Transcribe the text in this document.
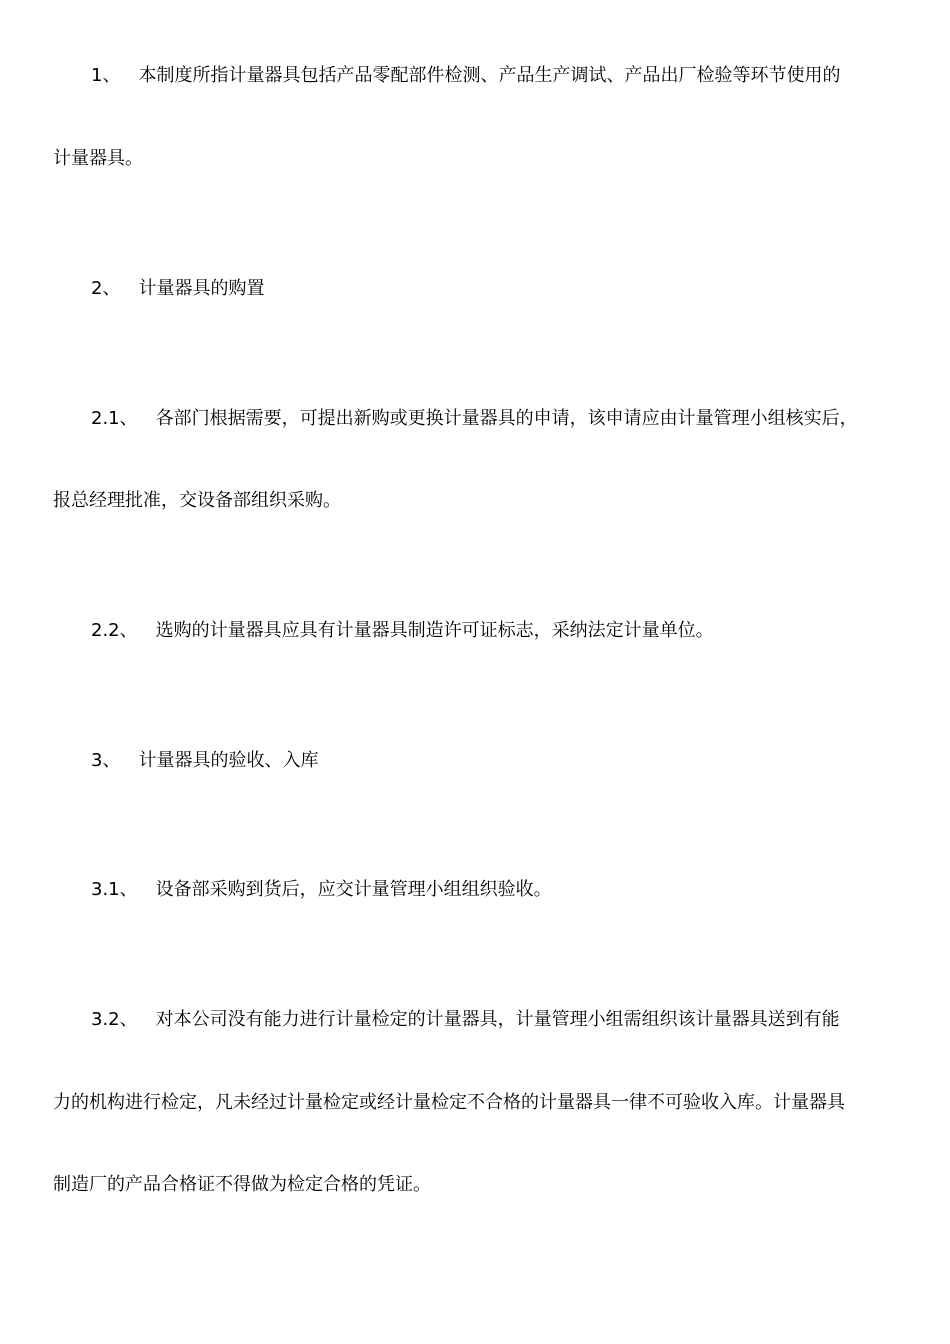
1、 本制度所指计量器具包括产品零配部件检测、产品生产调试、产品出厂检验等环节使用的
计量器具。
2、 计量器具的购置
2.1、 各部门根据需要，可提出新购或更换计量器具的申请，该申请应由计量管理小组核实后，
报总经理批准，交设备部组织采购。
2.2、 选购的计量器具应具有计量器具制造许可证标志，采纳法定计量单位。
3、 计量器具的验收、入库
3.1、 设备部采购到货后，应交计量管理小组组织验收。
3.2、 对本公司没有能力进行计量检定的计量器具，计量管理小组需组织该计量器具送到有能
力的机构进行检定，凡未经过计量检定或经计量检定不合格的计量器具一律不可验收入库。计量器具
制造厂的产品合格证不得做为检定合格的凭证。
